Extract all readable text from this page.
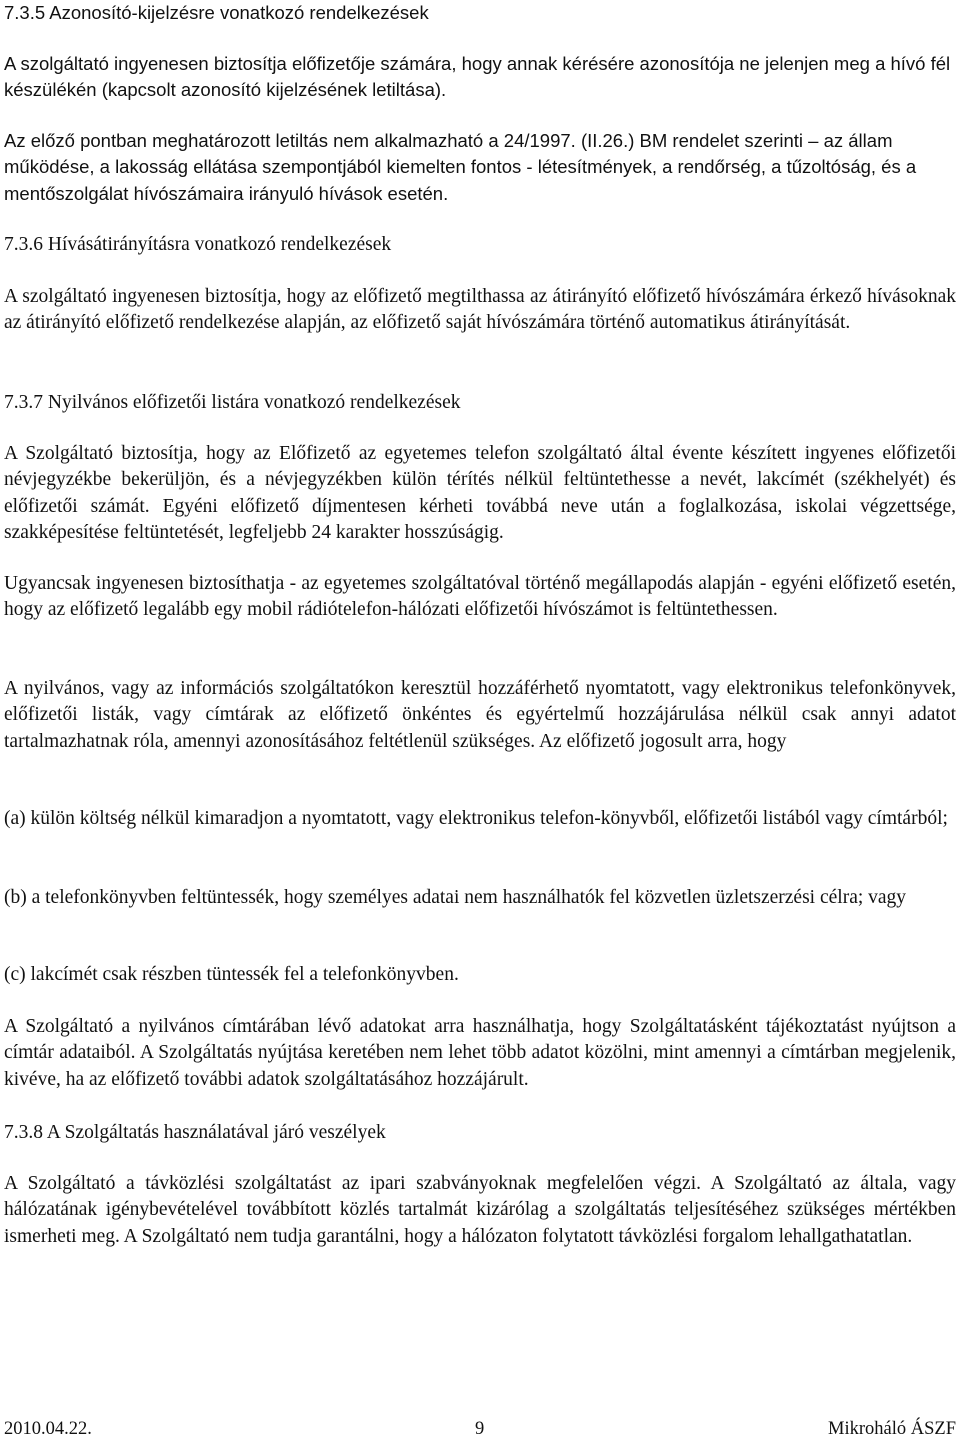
7.3.5 Azonosító-kijelzésre vonatkozó rendelkezések
A szolgáltató ingyenesen biztosítja előfizetője számára, hogy annak kérésére azonosítója ne jelenjen meg a hívó fél készülékén (kapcsolt azonosító kijelzésének letiltása).
Az előző pontban meghatározott letiltás nem alkalmazható a 24/1997. (II.26.) BM rendelet szerinti – az állam működése, a lakosság ellátása szempontjából kiemelten fontos - létesítmények, a rendőrség, a tűzoltóság, és a mentőszolgálat hívószámaira irányuló hívások esetén.
7.3.6 Hívásátirányításra vonatkozó rendelkezések
A szolgáltató ingyenesen biztosítja, hogy az előfizető megtilthassa az átirányító előfizető hívószámára érkező hívásoknak az átirányító előfizető rendelkezése alapján, az előfizető saját hívószámára történő automatikus átirányítását.
7.3.7 Nyilvános előfizetői listára vonatkozó rendelkezések
A Szolgáltató biztosítja, hogy az Előfizető az egyetemes telefon szolgáltató által évente készített ingyenes előfizetői névjegyzékbe bekerüljön, és a névjegyzékben külön térítés nélkül feltüntethesse a nevét, lakcímét (székhelyét) és előfizetői számát. Egyéni előfizető díjmentesen kérheti továbbá neve után a foglalkozása, iskolai végzettsége, szakképesítése feltüntetését, legfeljebb 24 karakter hosszúságig.
Ugyancsak ingyenesen biztosíthatja - az egyetemes szolgáltatóval történő megállapodás alapján - egyéni előfizető esetén, hogy az előfizető legalább egy mobil rádiótelefon-hálózati előfizetői hívószámot is feltüntethessen.
A nyilvános, vagy az információs szolgáltatókon keresztül hozzáférhető nyomtatott, vagy elektronikus telefonkönyvek, előfizetői listák, vagy címtárak az előfizető önkéntes és egyértelmű hozzájárulása nélkül csak annyi adatot tartalmazhatnak róla, amennyi azonosításához feltétlenül szükséges. Az előfizető jogosult arra, hogy
(a) külön költség nélkül kimaradjon a nyomtatott, vagy elektronikus telefon-könyvből, előfizetői listából vagy címtárból;
(b) a telefonkönyvben feltüntessék, hogy személyes adatai nem használhatók fel közvetlen üzletszerzési célra; vagy
(c) lakcímét csak részben tüntessék fel a telefonkönyvben.
A Szolgáltató a nyilvános címtárában lévő adatokat arra használhatja, hogy Szolgáltatásként tájékoztatást nyújtson a címtár adataiból. A Szolgáltatás nyújtása keretében nem lehet több adatot közölni, mint amennyi a címtárban megjelenik, kivéve, ha az előfizető további adatok szolgáltatásához hozzájárult.
7.3.8 A Szolgáltatás használatával járó veszélyek
A Szolgáltató a távközlési szolgáltatást az ipari szabványoknak megfelelően végzi. A Szolgáltató az általa, vagy hálózatának igénybevételével továbbított közlés tartalmát kizárólag a szolgáltatás teljesítéséhez szükséges mértékben ismerheti meg. A Szolgáltató nem tudja garantálni, hogy a hálózaton folytatott távközlési forgalom lehallgathatatlan.
2010.04.22.	9	Mikroháló ÁSZF
